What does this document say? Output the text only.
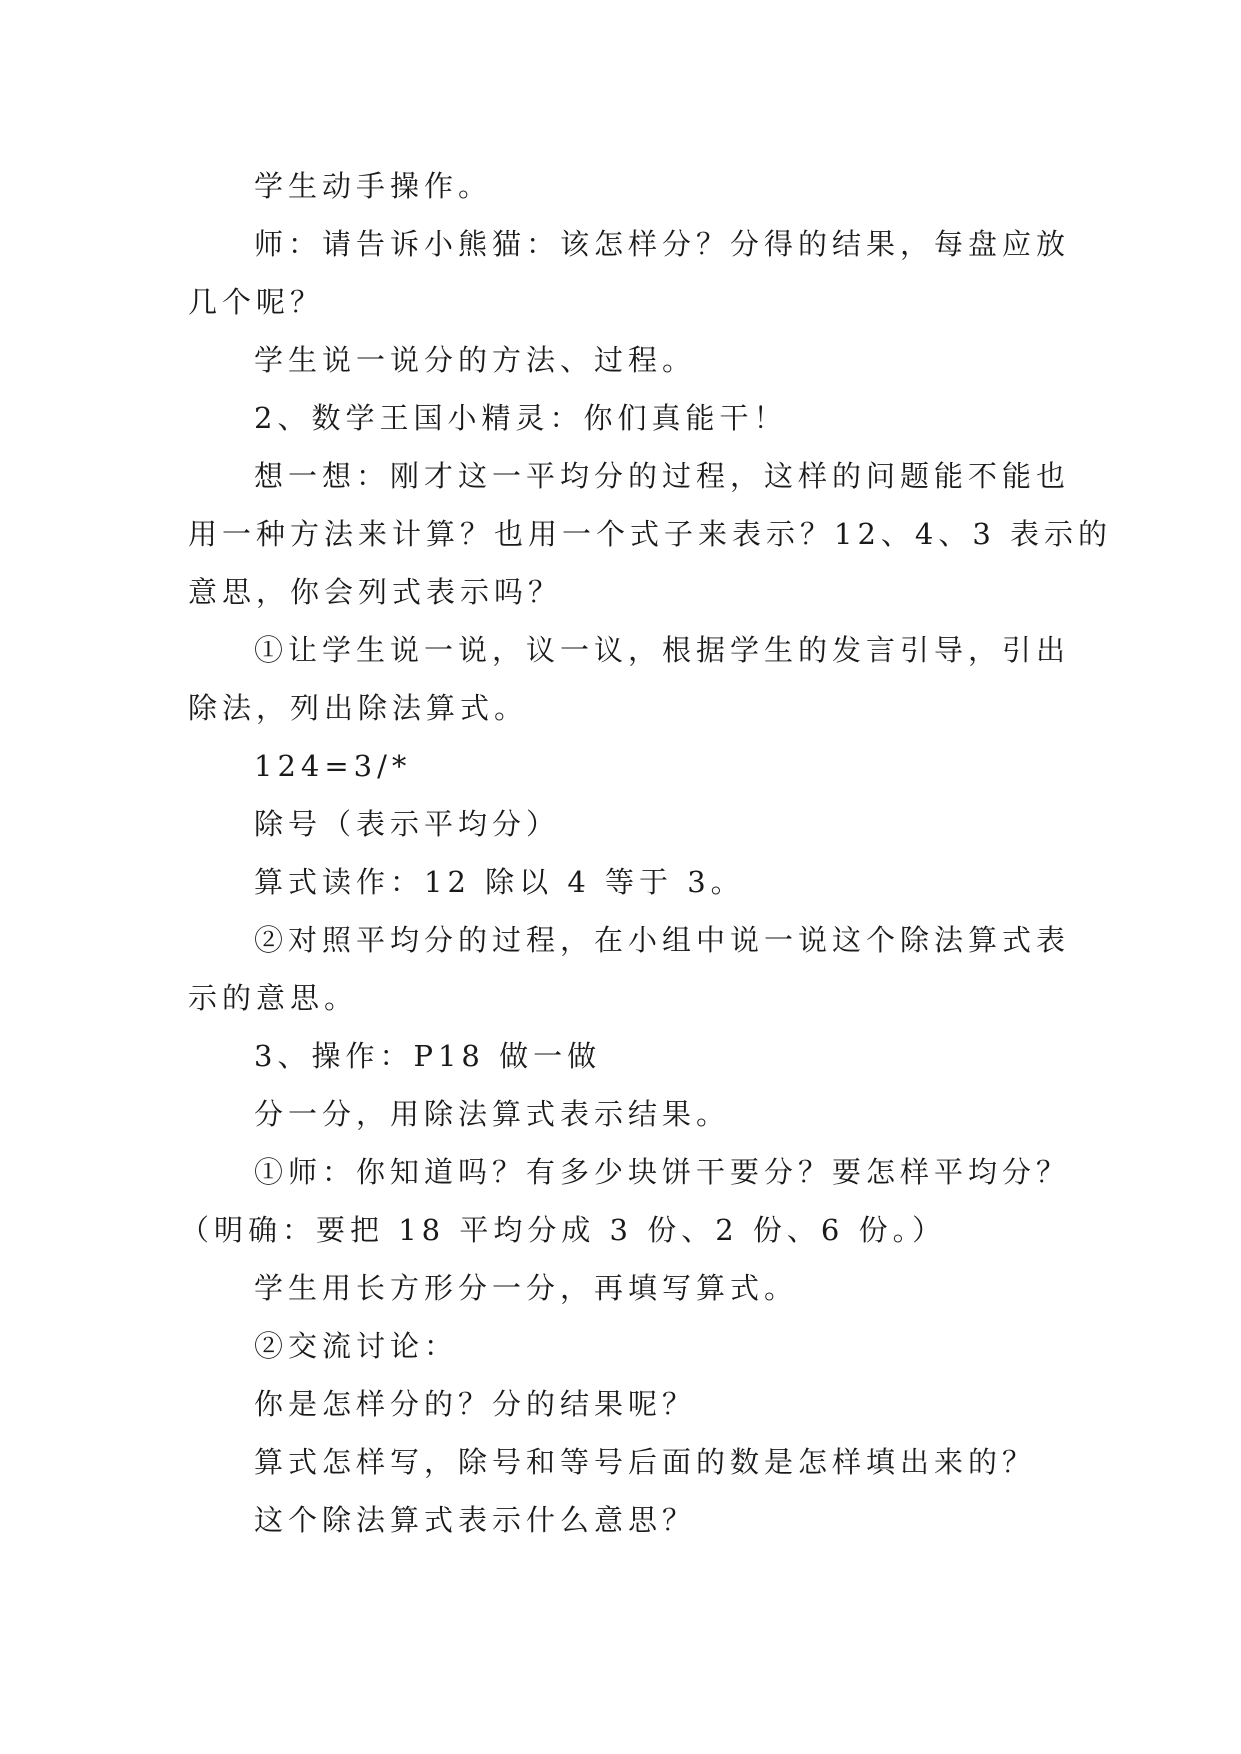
学生动手操作。
师：请告诉小熊猫：该怎样分？分得的结果，每盘应放
几个呢？
学生说一说分的方法、过程。
2、数学王国小精灵：你们真能干！
想一想：刚才这一平均分的过程，这样的问题能不能也
用一种方法来计算？也用一个式子来表示？12、4、3 表示的
意思，你会列式表示吗？
①让学生说一说，议一议，根据学生的发言引导，引出
除法，列出除法算式。
124=3/*
除号（表示平均分）
算式读作：12 除以 4 等于 3。
②对照平均分的过程，在小组中说一说这个除法算式表
示的意思。
3、操作：P18 做一做
分一分，用除法算式表示结果。
①师：你知道吗？有多少块饼干要分？要怎样平均分？
（明确：要把 18 平均分成 3 份、2 份、6 份。）
学生用长方形分一分，再填写算式。
②交流讨论：
你是怎样分的？分的结果呢？
算式怎样写，除号和等号后面的数是怎样填出来的？
这个除法算式表示什么意思？
